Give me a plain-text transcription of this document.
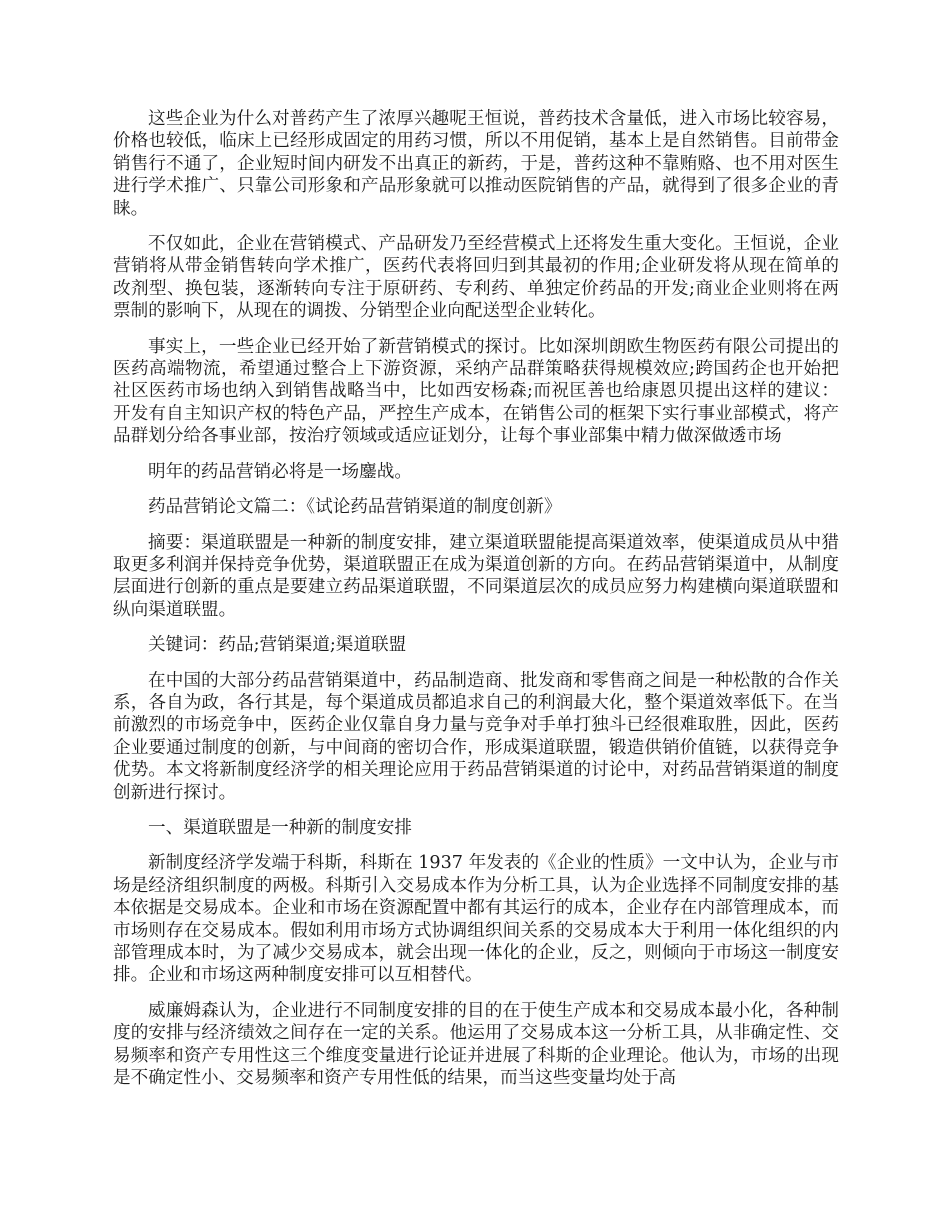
这些企业为什么对普药产生了浓厚兴趣呢王恒说，普药技术含量低，进入市场比较容易，价格也较低，临床上已经形成固定的用药习惯，所以不用促销，基本上是自然销售。目前带金销售行不通了，企业短时间内研发不出真正的新药，于是，普药这种不靠贿赂、也不用对医生进行学术推广、只靠公司形象和产品形象就可以推动医院销售的产品，就得到了很多企业的青睐。

不仅如此，企业在营销模式、产品研发乃至经营模式上还将发生重大变化。王恒说，企业营销将从带金销售转向学术推广，医药代表将回归到其最初的作用;企业研发将从现在简单的改剂型、换包装，逐渐转向专注于原研药、专利药、单独定价药品的开发;商业企业则将在两票制的影响下，从现在的调拨、分销型企业向配送型企业转化。

事实上，一些企业已经开始了新营销模式的探讨。比如深圳朗欧生物医药有限公司提出的医药高端物流，希望通过整合上下游资源，采纳产品群策略获得规模效应;跨国药企也开始把社区医药市场也纳入到销售战略当中，比如西安杨森;而祝匡善也给康恩贝提出这样的建议：开发有自主知识产权的特色产品，严控生产成本，在销售公司的框架下实行事业部模式，将产品群划分给各事业部，按治疗领域或适应证划分，让每个事业部集中精力做深做透市场

明年的药品营销必将是一场鏖战。

药品营销论文篇二：《试论药品营销渠道的制度创新》

摘要：渠道联盟是一种新的制度安排，建立渠道联盟能提高渠道效率，使渠道成员从中猎取更多利润并保持竞争优势，渠道联盟正在成为渠道创新的方向。在药品营销渠道中，从制度层面进行创新的重点是要建立药品渠道联盟，不同渠道层次的成员应努力构建横向渠道联盟和纵向渠道联盟。

关键词：药品;营销渠道;渠道联盟

在中国的大部分药品营销渠道中，药品制造商、批发商和零售商之间是一种松散的合作关系，各自为政，各行其是，每个渠道成员都追求自己的利润最大化，整个渠道效率低下。在当前激烈的市场竞争中，医药企业仅靠自身力量与竞争对手单打独斗已经很难取胜，因此，医药企业要通过制度的创新，与中间商的密切合作，形成渠道联盟，锻造供销价值链，以获得竞争优势。本文将新制度经济学的相关理论应用于药品营销渠道的讨论中，对药品营销渠道的制度创新进行探讨。

一、渠道联盟是一种新的制度安排

新制度经济学发端于科斯，科斯在 1937 年发表的《企业的性质》一文中认为，企业与市场是经济组织制度的两极。科斯引入交易成本作为分析工具，认为企业选择不同制度安排的基本依据是交易成本。企业和市场在资源配置中都有其运行的成本，企业存在内部管理成本，而市场则存在交易成本。假如利用市场方式协调组织间关系的交易成本大于利用一体化组织的内部管理成本时，为了减少交易成本，就会出现一体化的企业，反之，则倾向于市场这一制度安排。企业和市场这两种制度安排可以互相替代。

威廉姆森认为，企业进行不同制度安排的目的在于使生产成本和交易成本最小化，各种制度的安排与经济绩效之间存在一定的关系。他运用了交易成本这一分析工具，从非确定性、交易频率和资产专用性这三个维度变量进行论证并进展了科斯的企业理论。他认为，市场的出现是不确定性小、交易频率和资产专用性低的结果，而当这些变量均处于高
